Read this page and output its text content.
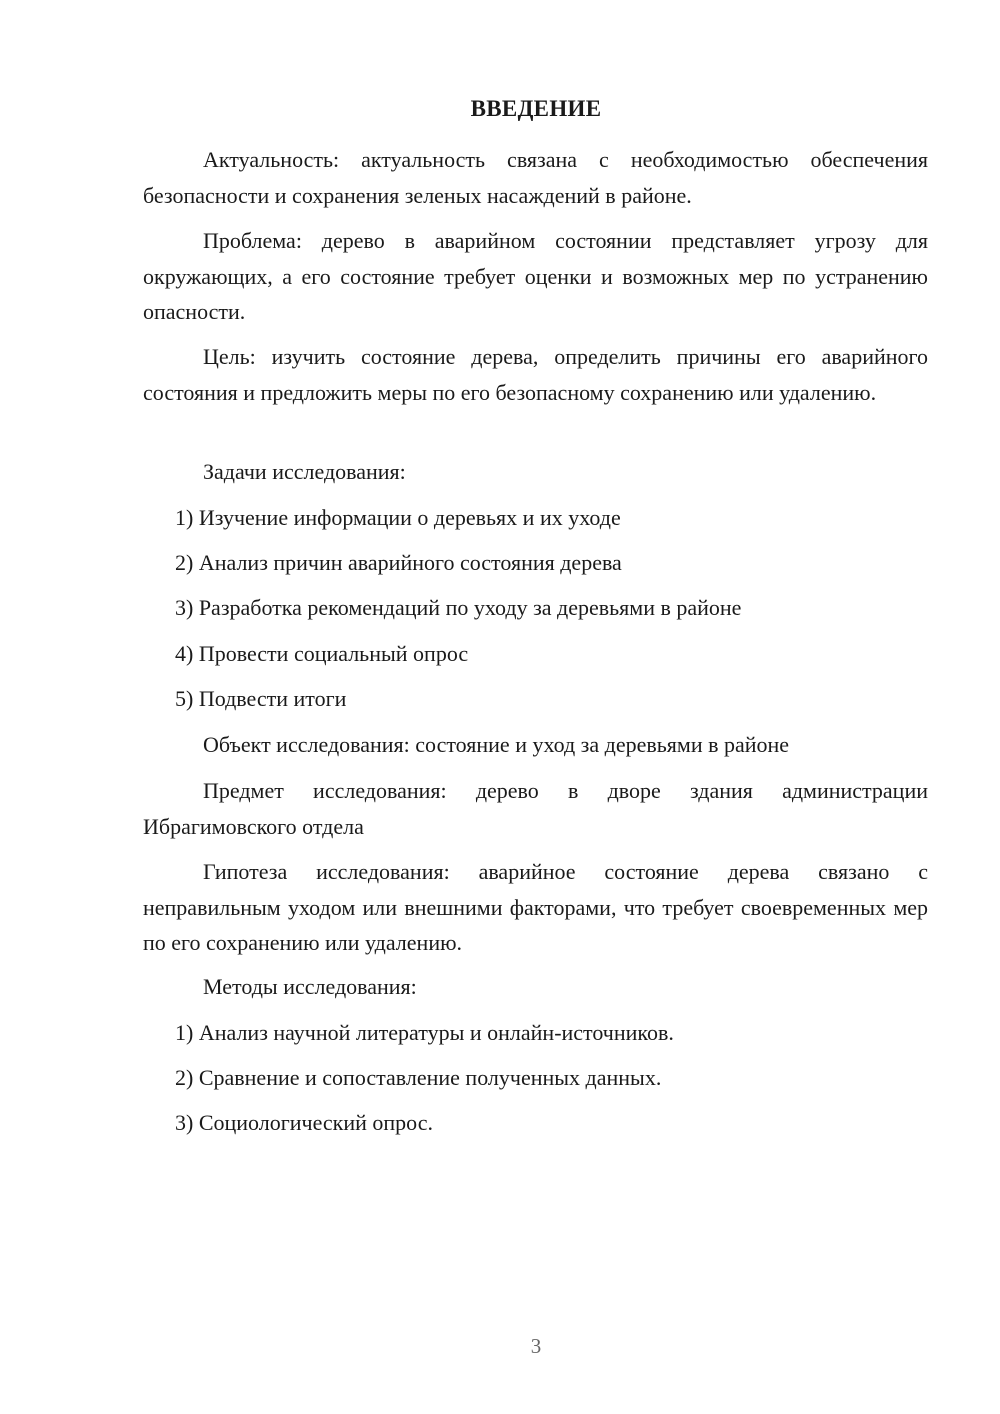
ВВЕДЕНИЕ
Актуальность: актуальность связана с необходимостью обеспечения безопасности и сохранения зеленых насаждений в районе.
Проблема: дерево в аварийном состоянии представляет угрозу для окружающих, а его состояние требует оценки и возможных мер по устранению опасности.
Цель: изучить состояние дерева, определить причины его аварийного состояния и предложить меры по его безопасному сохранению или удалению.
Задачи исследования:
1) Изучение информации о деревьях и их уходе
2) Анализ причин аварийного состояния дерева
3) Разработка рекомендаций по уходу за деревьями в районе
4) Провести социальный опрос
5) Подвести итоги
Объект исследования: состояние и уход за деревьями в районе
Предмет исследования: дерево в дворе здания администрации Ибрагимовского отдела
Гипотеза исследования: аварийное состояние дерева связано с неправильным уходом или внешними факторами, что требует своевременных мер по его сохранению или удалению.
Методы исследования:
1) Анализ научной литературы и онлайн-источников.
2) Сравнение и сопоставление полученных данных.
3) Социологический опрос.
3
